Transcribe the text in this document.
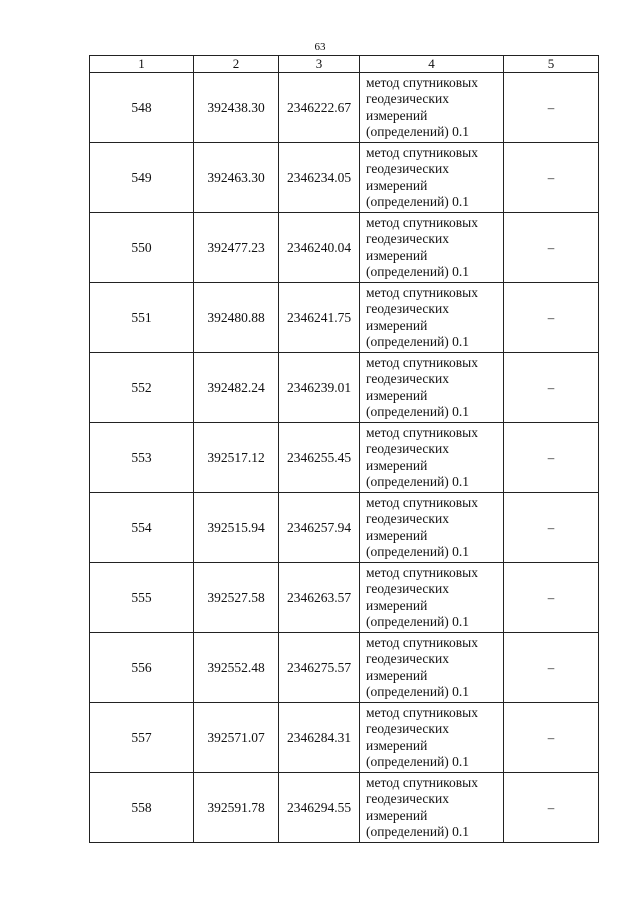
63
1	2	3	4	5
548	392438.30	2346222.67	метод спутниковых
геодезических
измерений
(определений) 0.1	–
549	392463.30	2346234.05	метод спутниковых
геодезических
измерений
(определений) 0.1	–
550	392477.23	2346240.04	метод спутниковых
геодезических
измерений
(определений) 0.1	–
551	392480.88	2346241.75	метод спутниковых
геодезических
измерений
(определений) 0.1	–
552	392482.24	2346239.01	метод спутниковых
геодезических
измерений
(определений) 0.1	–
553	392517.12	2346255.45	метод спутниковых
геодезических
измерений
(определений) 0.1	–
554	392515.94	2346257.94	метод спутниковых
геодезических
измерений
(определений) 0.1	–
555	392527.58	2346263.57	метод спутниковых
геодезических
измерений
(определений) 0.1	–
556	392552.48	2346275.57	метод спутниковых
геодезических
измерений
(определений) 0.1	–
557	392571.07	2346284.31	метод спутниковых
геодезических
измерений
(определений) 0.1	–
558	392591.78	2346294.55	метод спутниковых
геодезических
измерений
(определений) 0.1	–
